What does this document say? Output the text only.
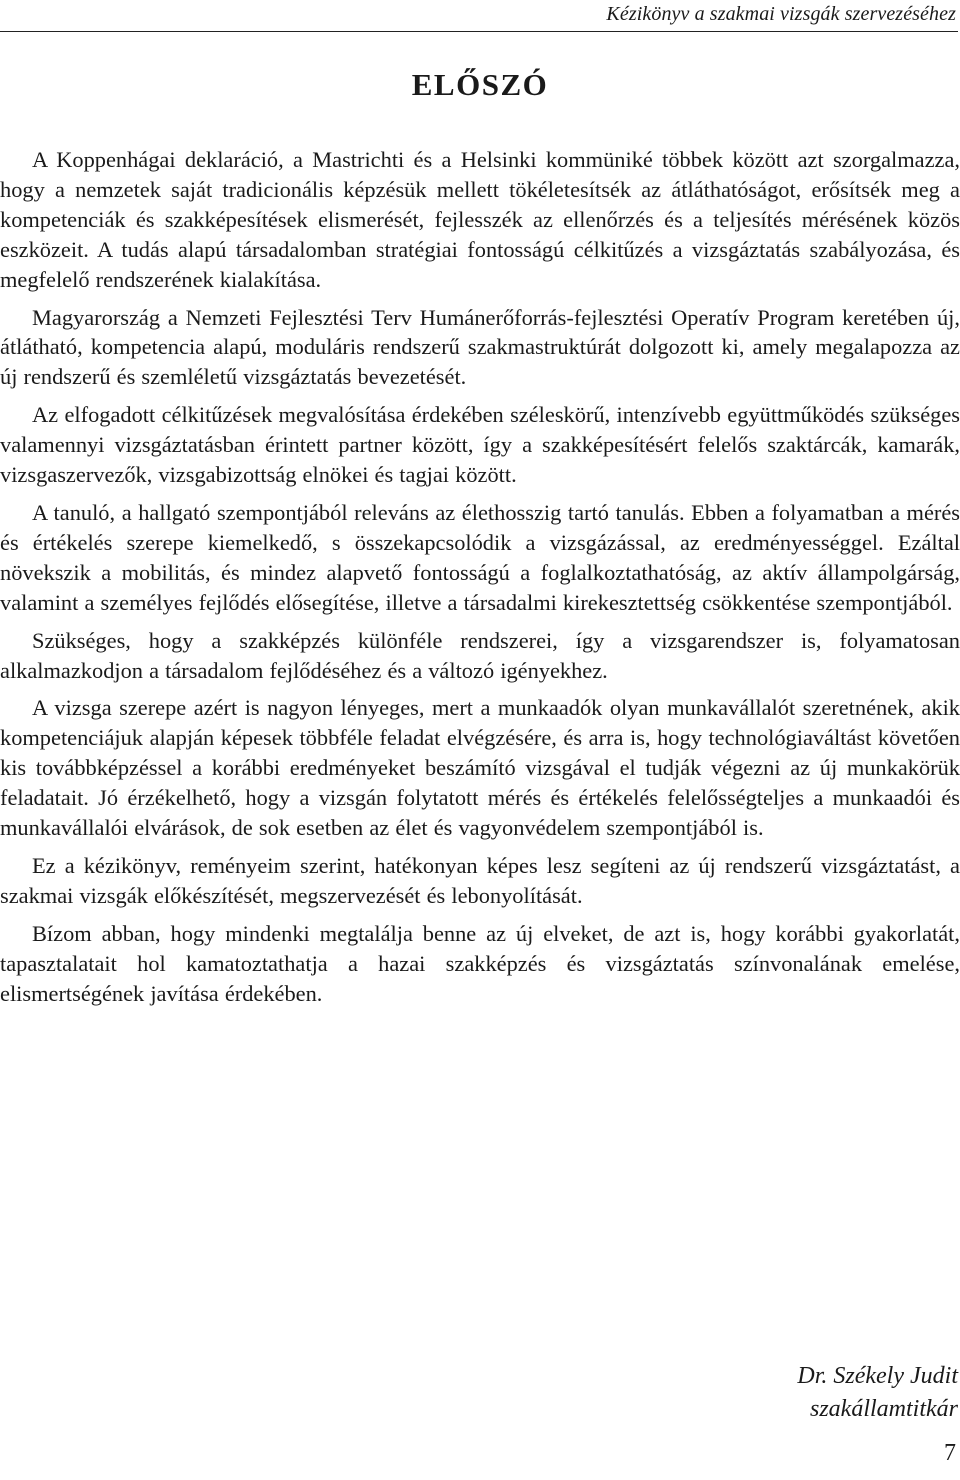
Kézikönyv a szakmai vizsgák szervezéséhez
ELŐSZÓ

A Koppenhágai deklaráció, a Mastrichti és a Helsinki kommüniké többek között azt szorgalmazza, hogy a nemzetek saját tradicionális képzésük mellett tökéletesítsék az átláthatóságot, erősítsék meg a kompetenciák és szakképesítések elismerését, fejlesszék az ellenőrzés és a teljesítés mérésének közös eszközeit. A tudás alapú társadalomban stratégiai fontosságú célkitűzés a vizsgáztatás szabályozása, és megfelelő rendszerének kialakítása.

Magyarország a Nemzeti Fejlesztési Terv Humánerőforrás-fejlesztési Operatív Program keretében új, átlátható, kompetencia alapú, moduláris rendszerű szakmastruktúrát dolgozott ki, amely megalapozza az új rendszerű és szemléletű vizsgáztatás bevezetését.

Az elfogadott célkitűzések megvalósítása érdekében széleskörű, intenzívebb együttműködés szükséges valamennyi vizsgáztatásban érintett partner között, így a szakképesítésért felelős szaktárcák, kamarák, vizsgaszervezők, vizsgabizottság elnökei és tagjai között.

A tanuló, a hallgató szempontjából releváns az élethosszig tartó tanulás. Ebben a folyamatban a mérés és értékelés szerepe kiemelkedő, s összekapcsolódik a vizsgázással, az eredményességgel. Ezáltal növekszik a mobilitás, és mindez alapvető fontosságú a foglalkoztathatóság, az aktív állampolgárság, valamint a személyes fejlődés elősegítése, illetve a társadalmi kirekesztettség csökkentése szempontjából.

Szükséges, hogy a szakképzés különféle rendszerei, így a vizsgarendszer is, folyamatosan alkalmazkodjon a társadalom fejlődéséhez és a változó igényekhez.

A vizsga szerepe azért is nagyon lényeges, mert a munkaadók olyan munkavállalót szeretnének, akik kompetenciájuk alapján képesek többféle feladat elvégzésére, és arra is, hogy technológiaváltást követően kis továbbképzéssel a korábbi eredményeket beszámító vizsgával el tudják végezni az új munkakörük feladatait. Jó érzékelhető, hogy a vizsgán folytatott mérés és értékelés felelősségteljes a munkaadói és munkavállalói elvárások, de sok esetben az élet és vagyonvédelem szempontjából is.

Ez a kézikönyv, reményeim szerint, hatékonyan képes lesz segíteni az új rendszerű vizsgáztatást, a szakmai vizsgák előkészítését, megszervezését és lebonyolítását.

Bízom abban, hogy mindenki megtalálja benne az új elveket, de azt is, hogy korábbi gyakorlatát, tapasztalatait hol kamatoztathatja a hazai szakképzés és vizsgáztatás színvonalának emelése, elismertségének javítása érdekében.

Dr. Székely Judit
szakállamtitkár
7
